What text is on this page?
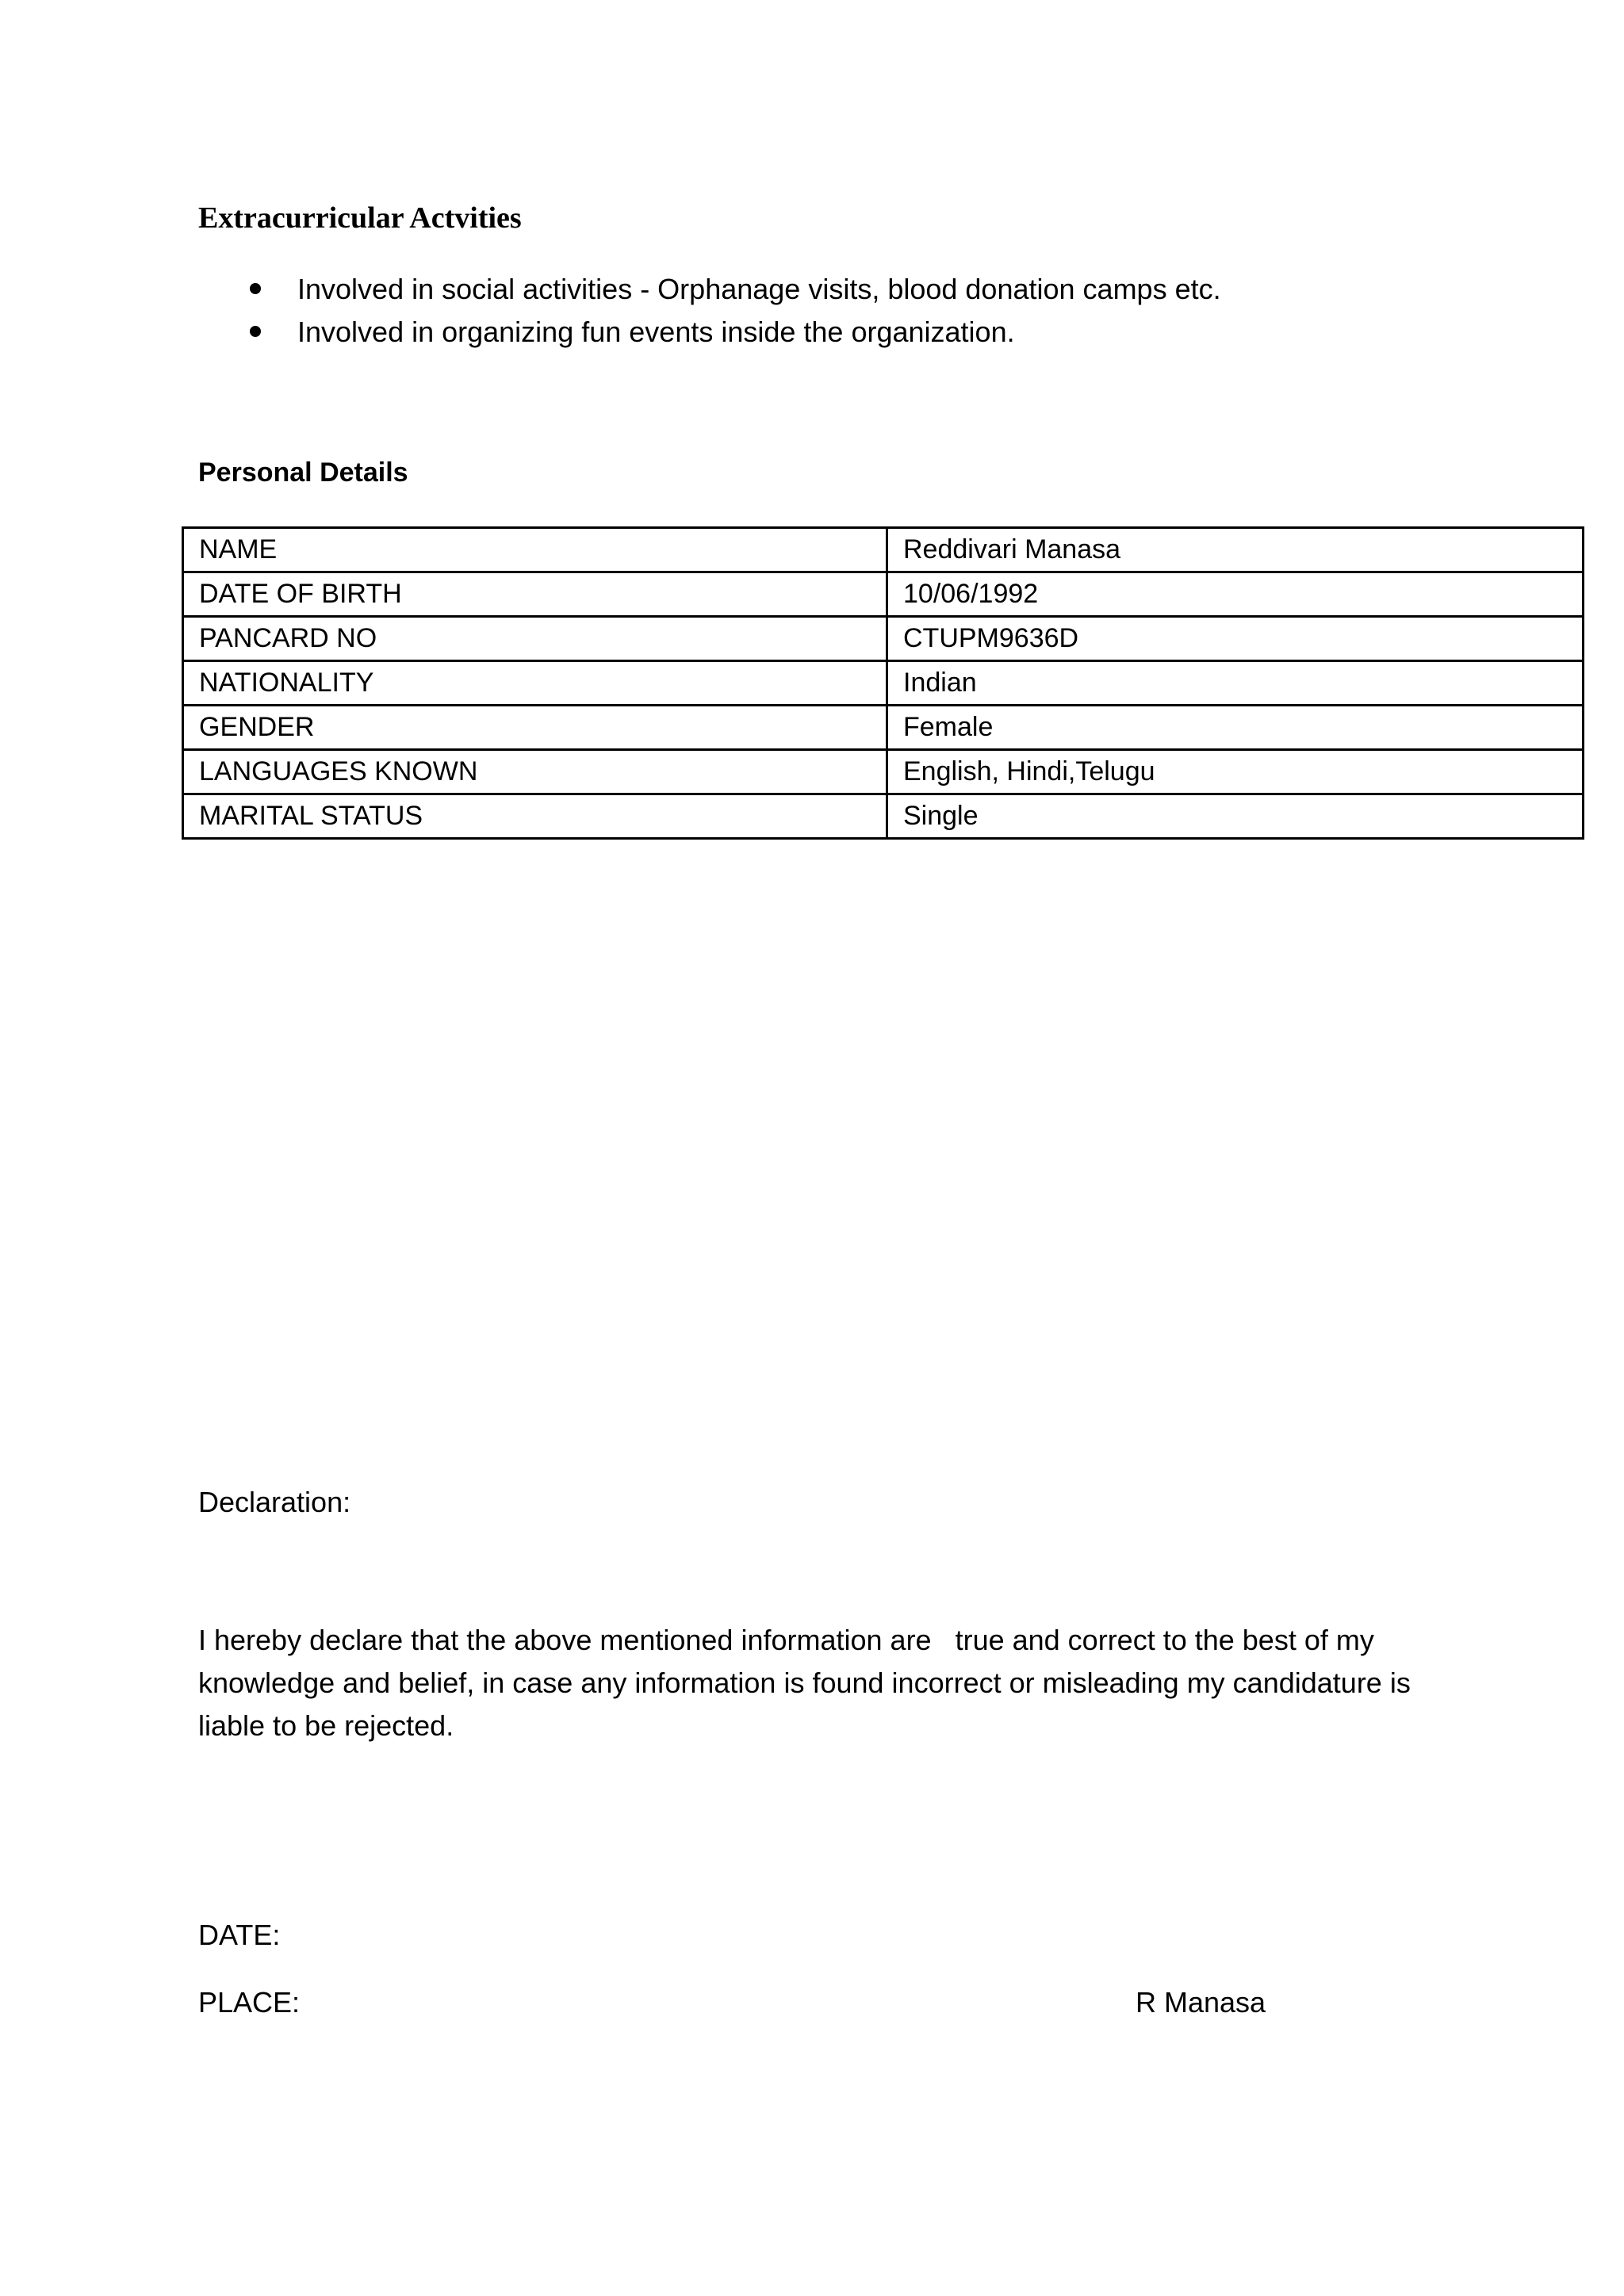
Extracurricular Actvities
Involved in social activities - Orphanage visits, blood donation camps etc.
Involved in organizing fun events inside the organization.
Personal Details
NAME	Reddivari Manasa
DATE OF BIRTH	10/06/1992
PANCARD NO	CTUPM9636D
NATIONALITY	Indian
GENDER	Female
LANGUAGES KNOWN	English, Hindi,Telugu
MARITAL STATUS	Single

Declaration:

I hereby declare that the above mentioned information are   true and correct to the best of my knowledge and belief, in case any information is found incorrect or misleading my candidature is liable to be rejected.

DATE:
PLACE:	R Manasa
